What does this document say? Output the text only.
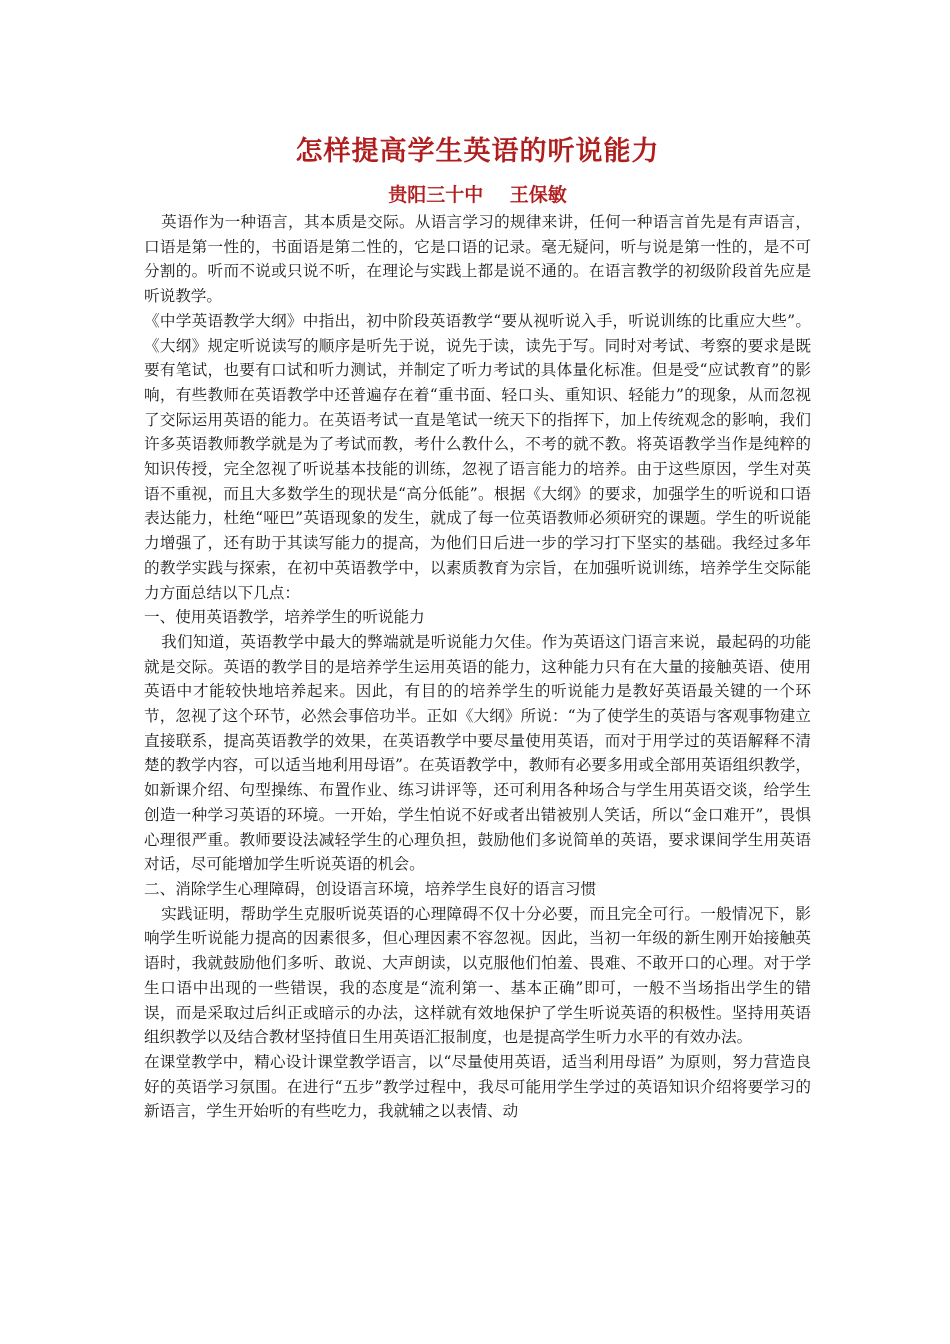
怎样提高学生英语的听说能力
贵阳三十中    王保敏

英语作为一种语言，其本质是交际。从语言学习的规律来讲，任何一种语言首先是有声语言，口语是第一性的，书面语是第二性的，它是口语的记录。毫无疑问，听与说是第一性的，是不可分割的。听而不说或只说不听，在理论与实践上都是说不通的。在语言教学的初级阶段首先应是听说教学。

《中学英语教学大纲》中指出，初中阶段英语教学“要从视听说入手，听说训练的比重应大些”。《大纲》规定听说读写的顺序是听先于说，说先于读，读先于写。同时对考试、考察的要求是既要有笔试，也要有口试和听力测试，并制定了听力考试的具体量化标准。但是受“应试教育”的影响，有些教师在英语教学中还普遍存在着“重书面、轻口头、重知识、轻能力”的现象，从而忽视了交际运用英语的能力。在英语考试一直是笔试一统天下的指挥下，加上传统观念的影响，我们许多英语教师教学就是为了考试而教，考什么教什么，不考的就不教。将英语教学当作是纯粹的知识传授，完全忽视了听说基本技能的训练，忽视了语言能力的培养。由于这些原因，学生对英语不重视，而且大多数学生的现状是“高分低能”。根据《大纲》的要求，加强学生的听说和口语表达能力，杜绝“哑巴”英语现象的发生，就成了每一位英语教师必须研究的课题。学生的听说能力增强了，还有助于其读写能力的提高，为他们日后进一步的学习打下坚实的基础。我经过多年的教学实践与探索，在初中英语教学中，以素质教育为宗旨，在加强听说训练，培养学生交际能力方面总结以下几点：

一、使用英语教学，培养学生的听说能力

我们知道，英语教学中最大的弊端就是听说能力欠佳。作为英语这门语言来说，最起码的功能就是交际。英语的教学目的是培养学生运用英语的能力，这种能力只有在大量的接触英语、使用英语中才能较快地培养起来。因此，有目的的培养学生的听说能力是教好英语最关键的一个环节，忽视了这个环节，必然会事倍功半。正如《大纲》所说：“为了使学生的英语与客观事物建立直接联系，提高英语教学的效果，在英语教学中要尽量使用英语，而对于用学过的英语解释不清楚的教学内容，可以适当地利用母语”。在英语教学中，教师有必要多用或全部用英语组织教学，如新课介绍、句型操练、布置作业、练习讲评等，还可利用各种场合与学生用英语交谈，给学生创造一种学习英语的环境。一开始，学生怕说不好或者出错被别人笑话，所以“金口难开”，畏惧心理很严重。教师要设法减轻学生的心理负担，鼓励他们多说简单的英语，要求课间学生用英语对话，尽可能增加学生听说英语的机会。

二、消除学生心理障碍，创设语言环境，培养学生良好的语言习惯

实践证明，帮助学生克服听说英语的心理障碍不仅十分必要，而且完全可行。一般情况下，影响学生听说能力提高的因素很多，但心理因素不容忽视。因此，当初一年级的新生刚开始接触英语时，我就鼓励他们多听、敢说、大声朗读，以克服他们怕羞、畏难、不敢开口的心理。对于学生口语中出现的一些错误，我的态度是“流利第一、基本正确”即可，一般不当场指出学生的错误，而是采取过后纠正或暗示的办法，这样就有效地保护了学生听说英语的积极性。坚持用英语组织教学以及结合教材坚持值日生用英语汇报制度，也是提高学生听力水平的有效办法。

在课堂教学中，精心设计课堂教学语言，以“尽量使用英语，适当利用母语” 为原则，努力营造良好的英语学习氛围。在进行“五步”教学过程中，我尽可能用学生学过的英语知识介绍将要学习的新语言，学生开始听的有些吃力，我就辅之以表情、动
